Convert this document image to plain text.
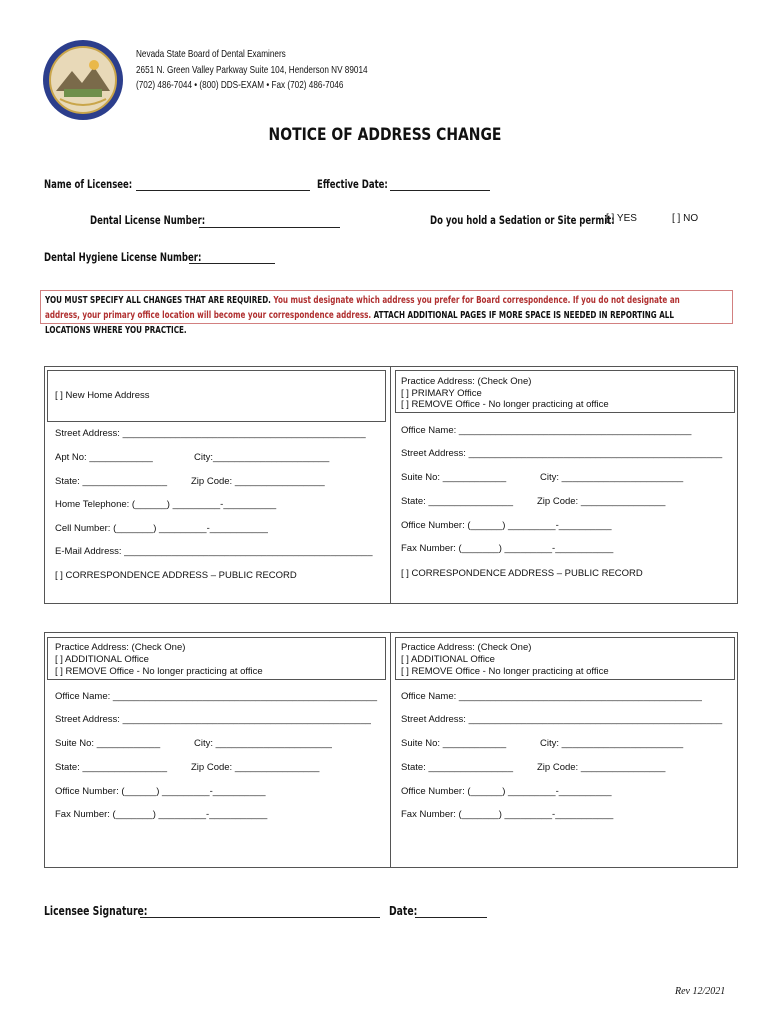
Nevada State Board of Dental Examiners
2651 N. Green Valley Parkway Suite 104, Henderson NV 89014
(702) 486-7044 • (800) DDS-EXAM • Fax (702) 486-7046
NOTICE OF ADDRESS CHANGE
Name of Licensee:	Effective Date:
Dental License Number:	Do you hold a Sedation or Site permit:
[ ] YES	[ ] NO
Dental Hygiene License Number:
YOU MUST SPECIFY ALL CHANGES THAT ARE REQUIRED. You must designate which address you prefer for Board correspondence. If you do not designate an address, your primary office location will become your correspondence address. ATTACH ADDITIONAL PAGES IF MORE SPACE IS NEEDED IN REPORTING ALL LOCATIONS WHERE YOU PRACTICE.
[ ] New Home Address
Street Address: ______________________________________________
Apt No: ____________	City:______________________
State: ________________	Zip Code: _________________
Home Telephone: (______) _________-__________
Cell Number: (_______) _________-___________
E-Mail Address: _______________________________________________
[ ] CORRESPONDENCE ADDRESS – PUBLIC RECORD
Practice Address: (Check One)
[ ] PRIMARY Office
[ ] REMOVE Office - No longer practicing at office
Office Name: ____________________________________________
Street Address: ________________________________________________
Suite No: ____________	City: _______________________
State: ________________	Zip Code: ________________
Office Number: (______) _________-__________
Fax Number: (_______) _________-___________
[ ] CORRESPONDENCE ADDRESS – PUBLIC RECORD
Practice Address: (Check One)
[ ] ADDITIONAL Office
[ ] REMOVE Office - No longer practicing at office
Office Name: __________________________________________________
Street Address: _______________________________________________
Suite No: ____________	City: ______________________
State: ________________	Zip Code: ________________
Office Number: (______) _________-__________
Fax Number: (_______) _________-___________
Practice Address: (Check One)
[ ] ADDITIONAL Office
[ ] REMOVE Office - No longer practicing at office
Office Name: ______________________________________________
Street Address: ________________________________________________
Suite No: ____________	City: _______________________
State: ________________	Zip Code: ________________
Office Number: (______) _________-__________
Fax Number: (_______) _________-___________
Licensee Signature:	Date:
Rev 12/2021
